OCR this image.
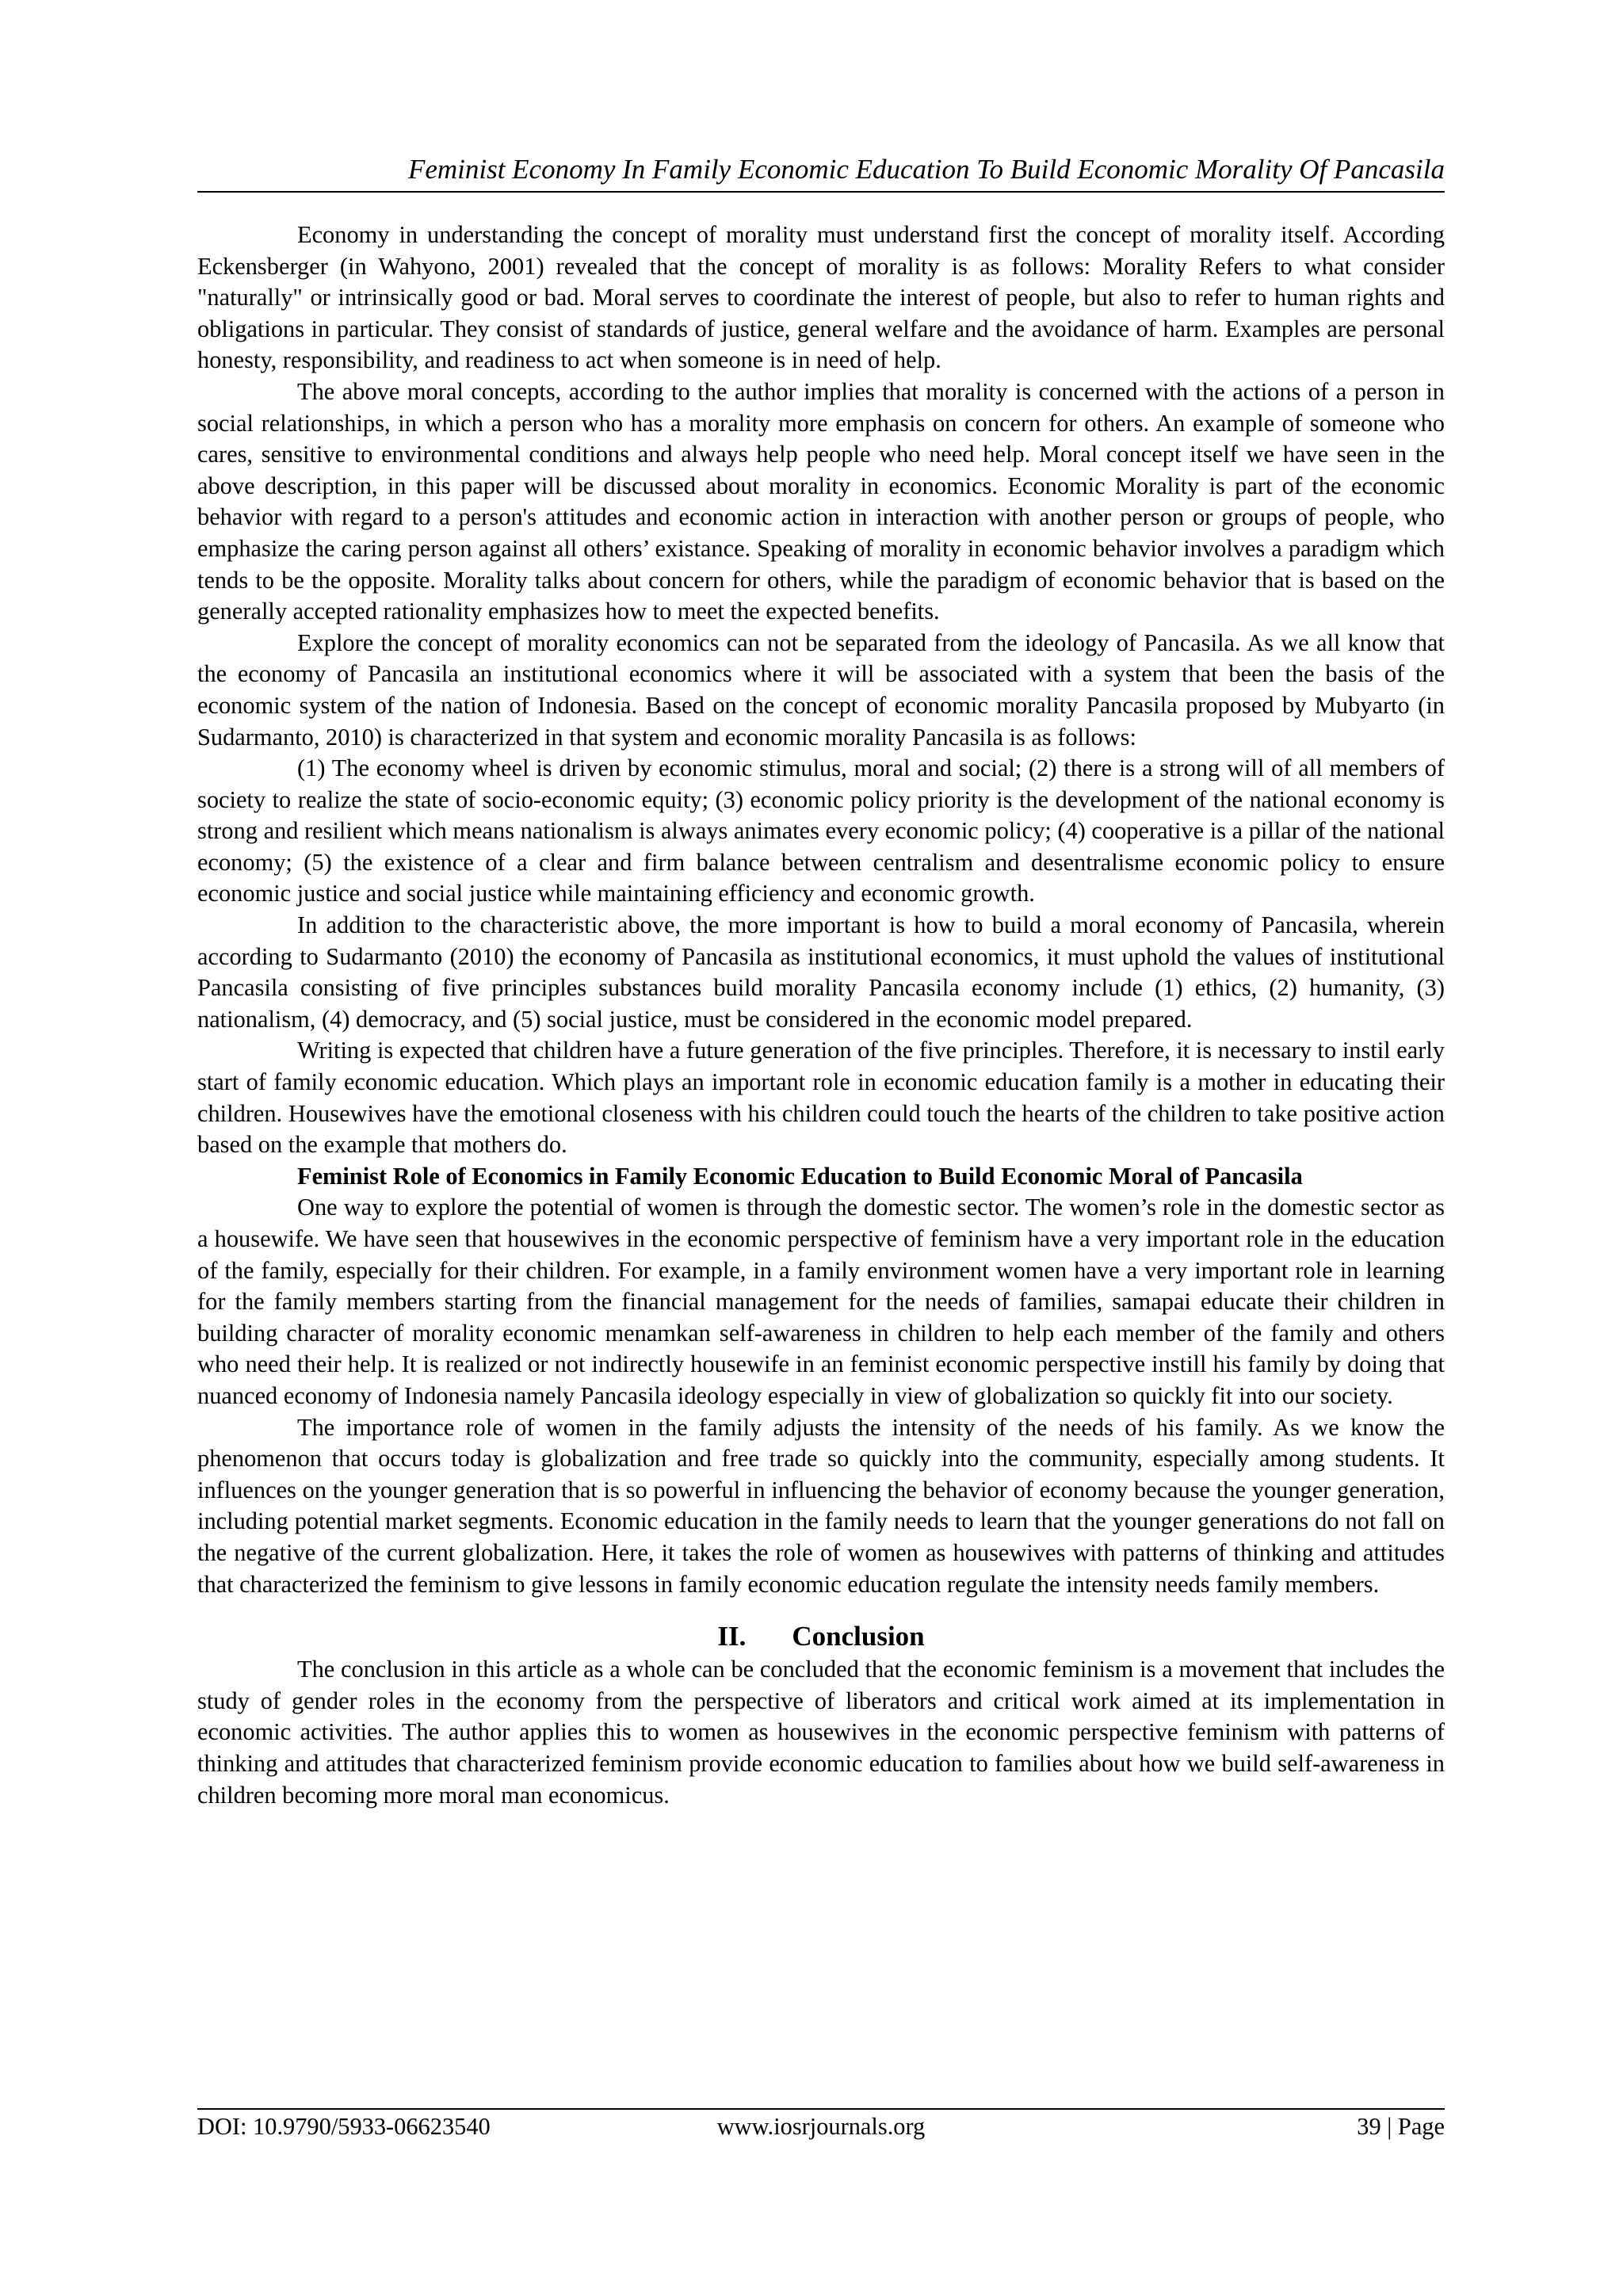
Feminist Economy In Family Economic Education To Build Economic Morality Of Pancasila

Economy in understanding the concept of morality must understand first the concept of morality itself. According Eckensberger (in Wahyono, 2001) revealed that the concept of morality is as follows: Morality Refers to what consider "naturally" or intrinsically good or bad. Moral serves to coordinate the interest of people, but also to refer to human rights and obligations in particular. They consist of standards of justice, general welfare and the avoidance of harm. Examples are personal honesty, responsibility, and readiness to act when someone is in need of help.

The above moral concepts, according to the author implies that morality is concerned with the actions of a person in social relationships, in which a person who has a morality more emphasis on concern for others. An example of someone who cares, sensitive to environmental conditions and always help people who need help. Moral concept itself we have seen in the above description, in this paper will be discussed about morality in economics. Economic Morality is part of the economic behavior with regard to a person's attitudes and economic action in interaction with another person or groups of people, who emphasize the caring person against all others’ existance. Speaking of morality in economic behavior involves a paradigm which tends to be the opposite. Morality talks about concern for others, while the paradigm of economic behavior that is based on the generally accepted rationality emphasizes how to meet the expected benefits.

Explore the concept of morality economics can not be separated from the ideology of Pancasila. As we all know that the economy of Pancasila an institutional economics where it will be associated with a system that been the basis of the economic system of the nation of Indonesia. Based on the concept of economic morality Pancasila proposed by Mubyarto (in Sudarmanto, 2010) is characterized in that system and economic morality Pancasila is as follows:

(1) The economy wheel is driven by economic stimulus, moral and social; (2) there is a strong will of all members of society to realize the state of socio-economic equity; (3) economic policy priority is the development of the national economy is strong and resilient which means nationalism is always animates every economic policy; (4) cooperative is a pillar of the national economy; (5) the existence of a clear and firm balance between centralism and desentralisme economic policy to ensure economic justice and social justice while maintaining efficiency and economic growth.

In addition to the characteristic above, the more important is how to build a moral economy of Pancasila, wherein according to Sudarmanto (2010) the economy of Pancasila as institutional economics, it must uphold the values of institutional Pancasila consisting of five principles substances build morality Pancasila economy include (1) ethics, (2) humanity, (3) nationalism, (4) democracy, and (5) social justice, must be considered in the economic model prepared.

Writing is expected that children have a future generation of the five principles. Therefore, it is necessary to instil early start of family economic education. Which plays an important role in economic education family is a mother in educating their children. Housewives have the emotional closeness with his children could touch the hearts of the children to take positive action based on the example that mothers do.

Feminist Role of Economics in Family Economic Education to Build Economic Moral of Pancasila

One way to explore the potential of women is through the domestic sector. The women’s role in the domestic sector as a housewife. We have seen that housewives in the economic perspective of feminism have a very important role in the education of the family, especially for their children. For example, in a family environment women have a very important role in learning for the family members starting from the financial management for the needs of families, samapai educate their children in building character of morality economic menamkan self-awareness in children to help each member of the family and others who need their help. It is realized or not indirectly housewife in an feminist economic perspective instill his family by doing that nuanced economy of Indonesia namely Pancasila ideology especially in view of globalization so quickly fit into our society.

The importance role of women in the family adjusts the intensity of the needs of his family. As we know the phenomenon that occurs today is globalization and free trade so quickly into the community, especially among students. It influences on the younger generation that is so powerful in influencing the behavior of economy because the younger generation, including potential market segments. Economic education in the family needs to learn that the younger generations do not fall on the negative of the current globalization. Here, it takes the role of women as housewives with patterns of thinking and attitudes that characterized the feminism to give lessons in family economic education regulate the intensity needs family members.

II. Conclusion

The conclusion in this article as a whole can be concluded that the economic feminism is a movement that includes the study of gender roles in the economy from the perspective of liberators and critical work aimed at its implementation in economic activities. The author applies this to women as housewives in the economic perspective feminism with patterns of thinking and attitudes that characterized feminism provide economic education to families about how we build self-awareness in children becoming more moral man economicus.

DOI: 10.9790/5933-06623540	www.iosrjournals.org	39 | Page
